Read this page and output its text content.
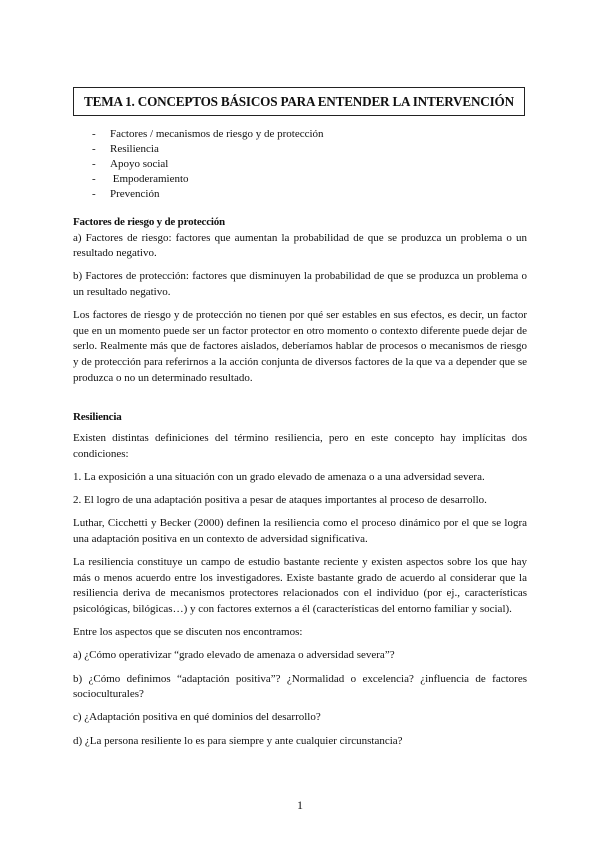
TEMA 1. CONCEPTOS BÁSICOS PARA ENTENDER LA INTERVENCIÓN
- Factores / mecanismos de riesgo y de protección
- Resiliencia
- Apoyo social
- Empoderamiento
- Prevención
Factores de riesgo y de protección

a) Factores de riesgo: factores que aumentan la probabilidad de que se produzca un problema o un resultado negativo.

b) Factores de protección: factores que disminuyen la probabilidad de que se produzca un problema o un resultado negativo.

Los factores de riesgo y de protección no tienen por qué ser estables en sus efectos, es decir, un factor que en un momento puede ser un factor protector en otro momento o contexto diferente puede dejar de serlo. Realmente más que de factores aislados, deberíamos hablar de procesos o mecanismos de riesgo y de protección para referirnos a la acción conjunta de diversos factores de la que va a depender que se produzca o no un determinado resultado.

Resiliencia

Existen distintas definiciones del término resiliencia, pero en este concepto hay implícitas dos condiciones:

1. La exposición a una situación con un grado elevado de amenaza o a una adversidad severa.

2. El logro de una adaptación positiva a pesar de ataques importantes al proceso de desarrollo.

Luthar, Cicchetti y Becker (2000) definen la resiliencia como el proceso dinámico por el que se logra una adaptación positiva en un contexto de adversidad significativa.

La resiliencia constituye un campo de estudio bastante reciente y existen aspectos sobre los que hay más o menos acuerdo entre los investigadores. Existe bastante grado de acuerdo al considerar que la resiliencia deriva de mecanismos protectores relacionados con el individuo (por ej., características psicológicas, bilógicas…) y con factores externos a él (características del entorno familiar y social).

Entre los aspectos que se discuten nos encontramos:

a) ¿Cómo operativizar “grado elevado de amenaza o adversidad severa”?

b) ¿Cómo definimos “adaptación positiva”? ¿Normalidad o excelencia? ¿influencia de factores socioculturales?

c) ¿Adaptación positiva en qué dominios del desarrollo?

d) ¿La persona resiliente lo es para siempre y ante cualquier circunstancia?

1
